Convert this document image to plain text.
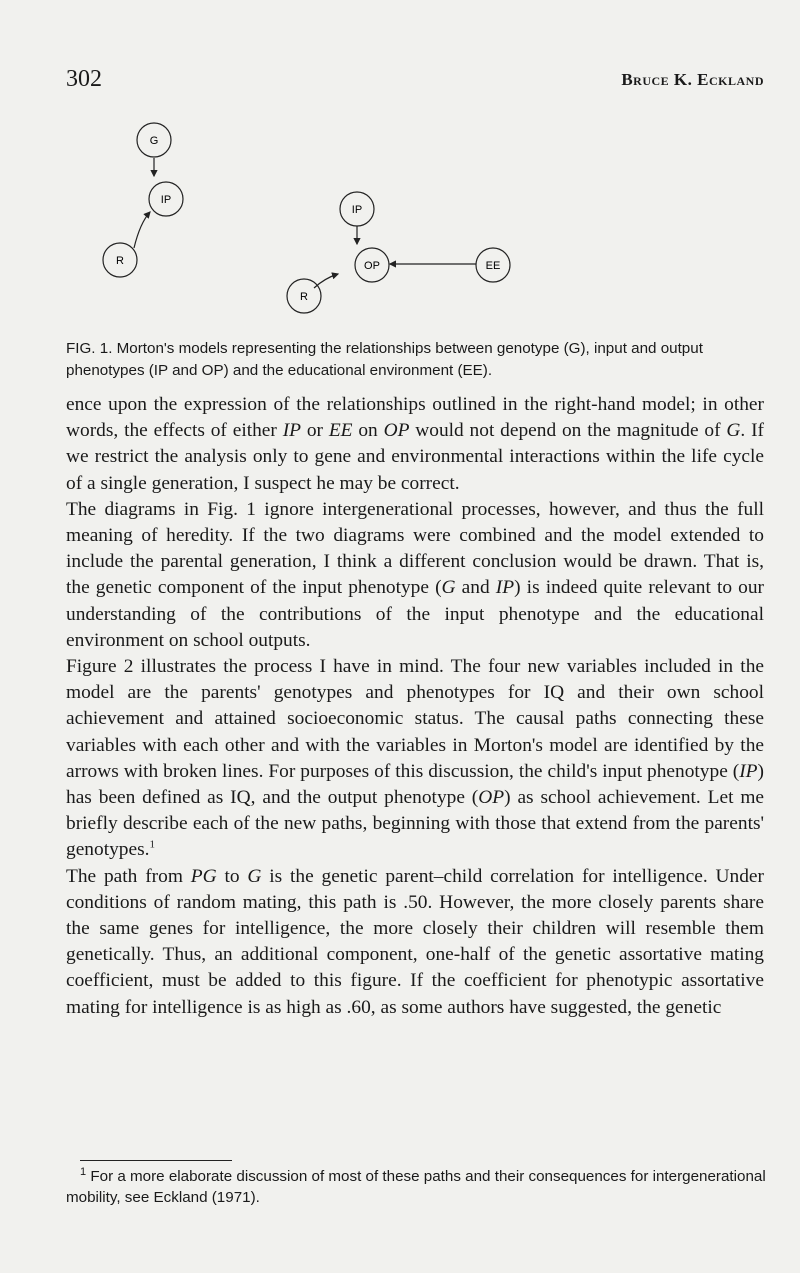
302	Bruce K. Eckland
G
IP
R
IP
OP	EE
R

FIG. 1. Morton's models representing the relationships between genotype (G), input and output phenotypes (IP and OP) and the educational environment (EE).

ence upon the expression of the relationships outlined in the right-hand model; in other words, the effects of either IP or EE on OP would not depend on the magnitude of G. If we restrict the analysis only to gene and environmental interactions within the life cycle of a single generation, I suspect he may be correct.

The diagrams in Fig. 1 ignore intergenerational processes, however, and thus the full meaning of heredity. If the two diagrams were combined and the model extended to include the parental generation, I think a different conclusion would be drawn. That is, the genetic component of the input phenotype (G and IP) is indeed quite relevant to our understanding of the contributions of the input phenotype and the educational environment on school outputs.

Figure 2 illustrates the process I have in mind. The four new variables included in the model are the parents' genotypes and phenotypes for IQ and their own school achievement and attained socioeconomic status. The causal paths connecting these variables with each other and with the variables in Morton's model are identified by the arrows with broken lines. For purposes of this discussion, the child's input phenotype (IP) has been defined as IQ, and the output phenotype (OP) as school achievement. Let me briefly describe each of the new paths, beginning with those that extend from the parents' genotypes.$^1$

The path from PG to G is the genetic parent–child correlation for intelligence. Under conditions of random mating, this path is .50. However, the more closely parents share the same genes for intelligence, the more closely their children will resemble them genetically. Thus, an additional component, one-half of the genetic assortative mating coefficient, must be added to this figure. If the coefficient for phenotypic assortative mating for intelligence is as high as .60, as some authors have suggested, the genetic

$^1$ For a more elaborate discussion of most of these paths and their consequences for intergenerational mobility, see Eckland (1971).
